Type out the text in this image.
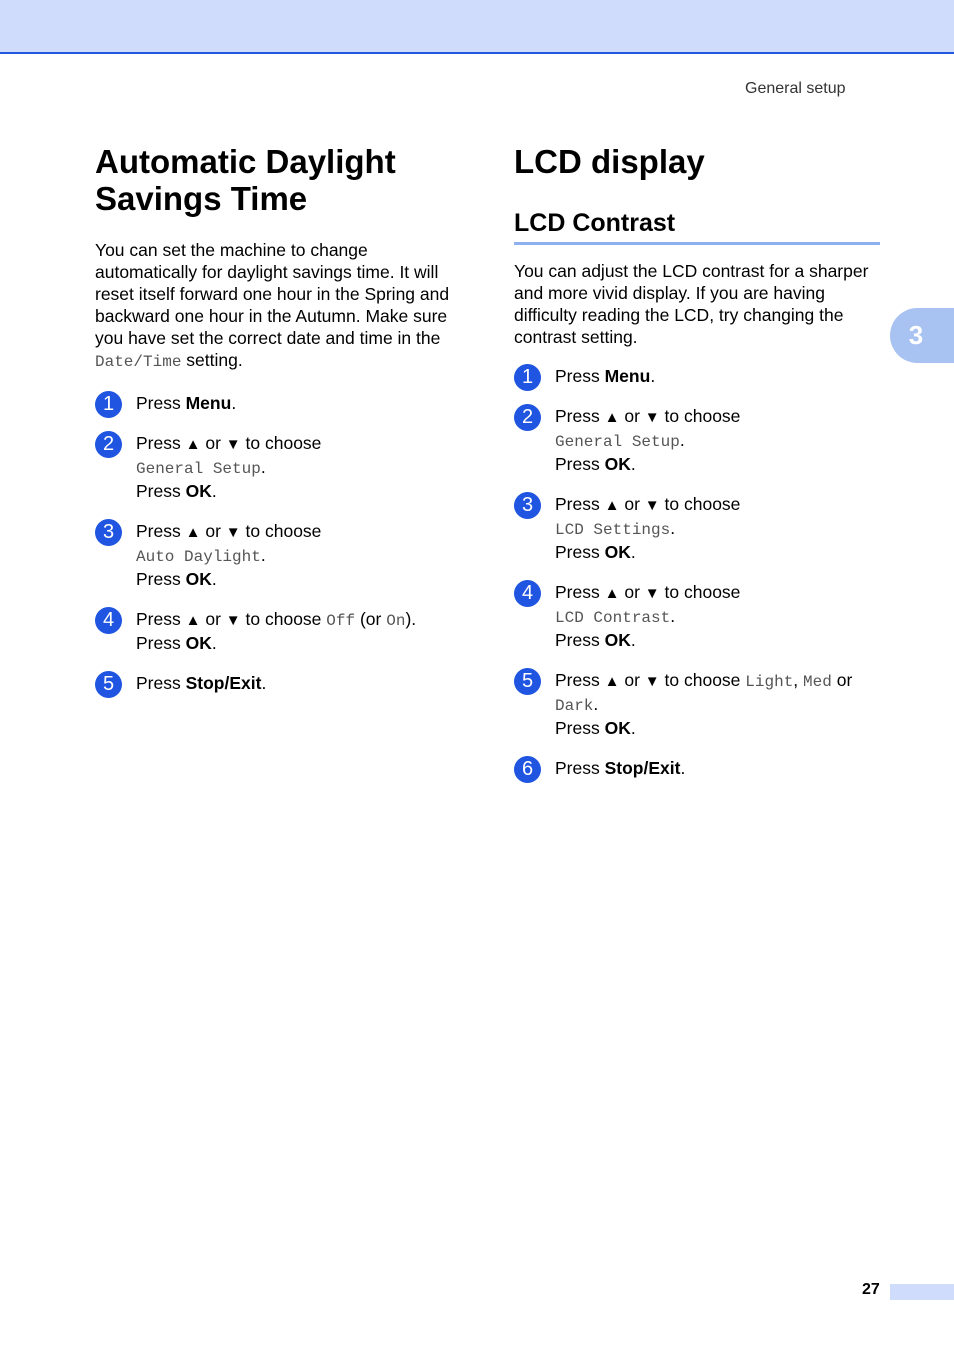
General setup
3
Automatic Daylight
Savings Time

You can set the machine to change automatically for daylight savings time. It will reset itself forward one hour in the Spring and backward one hour in the Autumn. Make sure you have set the correct date and time in the Date/Time setting.

1	Press Menu.
2	Press ▲ or ▼ to choose
General Setup.
Press OK.
3	Press ▲ or ▼ to choose
Auto Daylight.
Press OK.
4	Press ▲ or ▼ to choose Off (or On).
Press OK.
5	Press Stop/Exit.
LCD display
LCD Contrast

You can adjust the LCD contrast for a sharper and more vivid display. If you are having difficulty reading the LCD, try changing the contrast setting.

1	Press Menu.
2	Press ▲ or ▼ to choose
General Setup.
Press OK.
3	Press ▲ or ▼ to choose
LCD Settings.
Press OK.
4	Press ▲ or ▼ to choose
LCD Contrast.
Press OK.
5	Press ▲ or ▼ to choose Light, Med or
Dark.
Press OK.
6	Press Stop/Exit.
27
